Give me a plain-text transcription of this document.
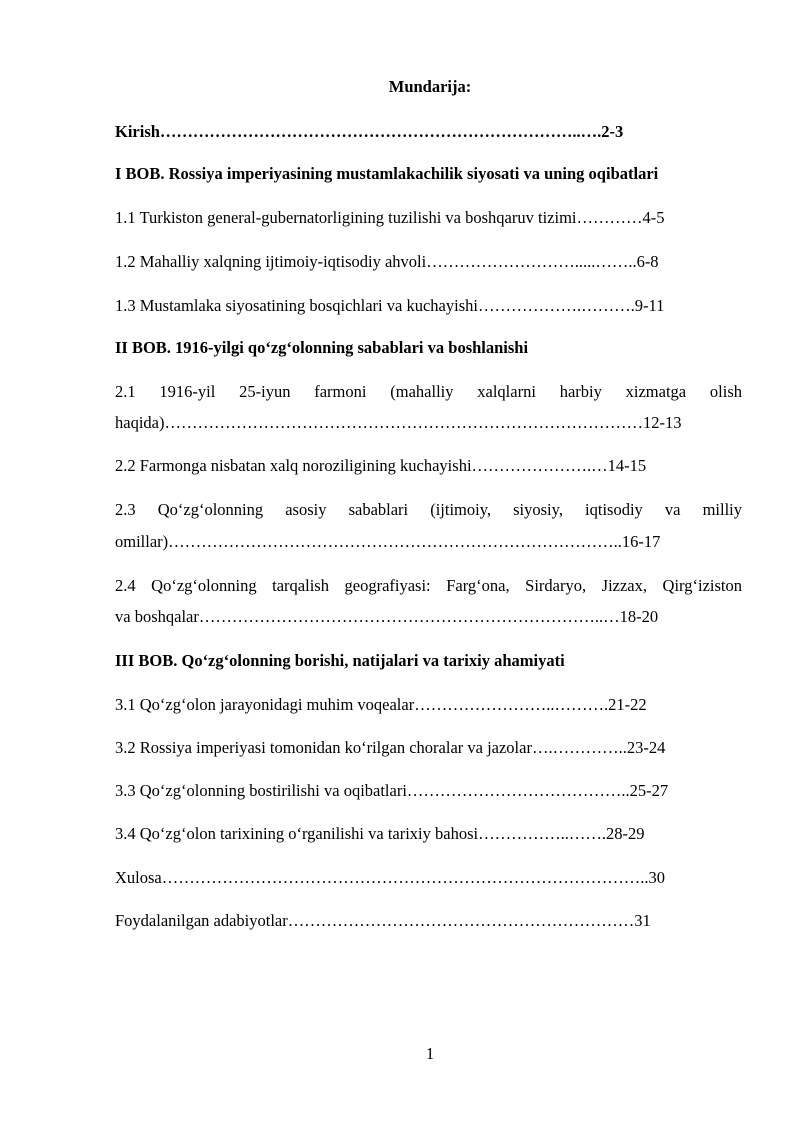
Mundarija:
Kirish…………………………………………………………………..….2-3
I BOB. Rossiya imperiyasining mustamlakachilik siyosati va uning oqibatlari
1.1 Turkiston general-gubernatorligining tuzilishi va boshqaruv tizimi…………4-5
1.2 Mahalliy xalqning ijtimoiy-iqtisodiy ahvoli……………………….....……..6-8
1.3 Mustamlaka siyosatining bosqichlari va kuchayishi……………….……….9-11
II BOB. 1916-yilgi qo‘zg‘olonning sabablari va boshlanishi
2.1 1916-yil 25-iyun farmoni (mahalliy xalqlarni harbiy xizmatga olish
haqida)……………………………………………………………………………12-13
2.2 Farmonga nisbatan xalq noroziligining kuchayishi………………….…14-15
2.3 Qo‘zg‘olonning asosiy sabablari (ijtimoiy, siyosiy, iqtisodiy va milliy
omillar)………………………………………………………………………..16-17
2.4 Qo‘zg‘olonning tarqalish geografiyasi: Farg‘ona, Sirdaryo, Jizzax, Qirg‘iziston
va boshqalar………………………………………………………………..…18-20
III BOB. Qo‘zg‘olonning borishi, natijalari va tarixiy ahamiyati
3.1 Qo‘zg‘olon jarayonidagi muhim voqealar……………………..……….21-22
3.2 Rossiya imperiyasi tomonidan ko‘rilgan choralar va jazolar….…………..23-24
3.3 Qo‘zg‘olonning bostirilishi va oqibatlari…………………………………..25-27
3.4 Qo‘zg‘olon tarixining o‘rganilishi va tarixiy bahosi……………..…….28-29
Xulosa……………………………………………………………………………..30
Foydalanilgan adabiyotlar………………………………………………………31
1
